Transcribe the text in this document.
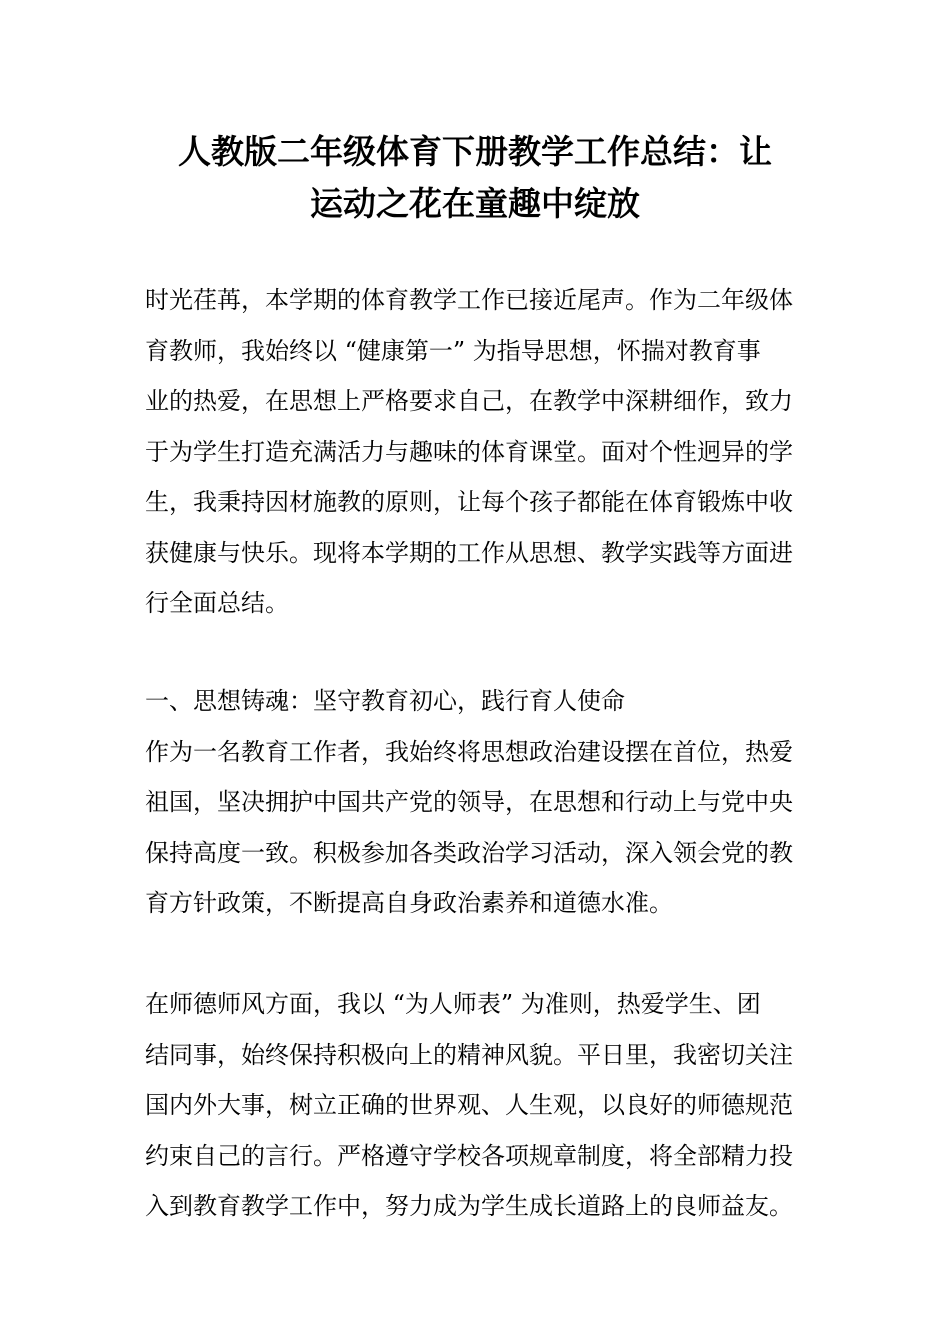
人教版二年级体育下册教学工作总结：让
运动之花在童趣中绽放
时光荏苒，本学期的体育教学工作已接近尾声。作为二年级体
育教师，我始终以 “健康第一” 为指导思想，怀揣对教育事
业的热爱，在思想上严格要求自己，在教学中深耕细作，致力
于为学生打造充满活力与趣味的体育课堂。面对个性迥异的学
生，我秉持因材施教的原则，让每个孩子都能在体育锻炼中收
获健康与快乐。现将本学期的工作从思想、教学实践等方面进
行全面总结。
一、思想铸魂：坚守教育初心，践行育人使命
作为一名教育工作者，我始终将思想政治建设摆在首位，热爱
祖国，坚决拥护中国共产党的领导，在思想和行动上与党中央
保持高度一致。积极参加各类政治学习活动，深入领会党的教
育方针政策，不断提高自身政治素养和道德水准。
在师德师风方面，我以 “为人师表” 为准则，热爱学生、团
结同事，始终保持积极向上的精神风貌。平日里，我密切关注
国内外大事，树立正确的世界观、人生观，以良好的师德规范
约束自己的言行。严格遵守学校各项规章制度，将全部精力投
入到教育教学工作中，努力成为学生成长道路上的良师益友。
